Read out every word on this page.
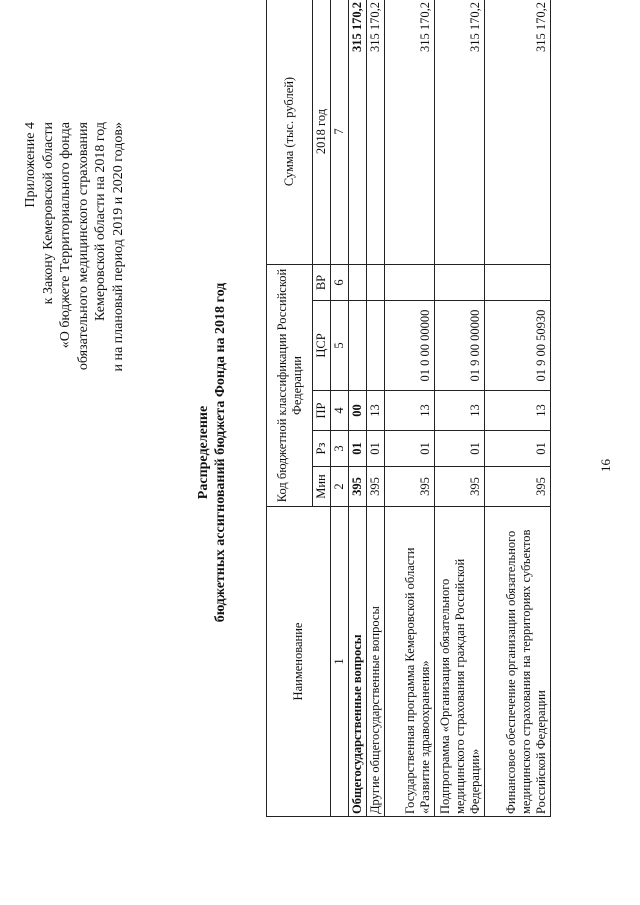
16
Приложение 4 к Закону Кемеровской области «О бюджете Территориального фонда обязательного медицинского страхования Кемеровской области на 2018 год и на плановый период 2019 и 2020 годов»
Распределение бюджетных ассигнований бюджета Фонда на 2018 год
Наименование	Код бюджетной классификации Российской Федерации					Сумма (тыс. рублей)
	Мин	Рз	ПР	ЦСР	ВР	2018 год
1	2	3	4	5	6	7
Общегосударственные вопросы	395	01	00			315 170,2
Другие общегосударственные вопросы	395	01	13			315 170,2
Государственная программа Кемеровской области «Развитие здравоохранения»	395	01	13	01 0 00 00000		315 170,2
Подпрограмма «Организация обязательного медицинского страхования граждан Российской Федерации»	395	01	13	01 9 00 00000		315 170,2
Финансовое обеспечение организации обязательного медицинского страхования на территориях субъектов Российской Федерации	395	01	13	01 9 00 50930		315 170,2
